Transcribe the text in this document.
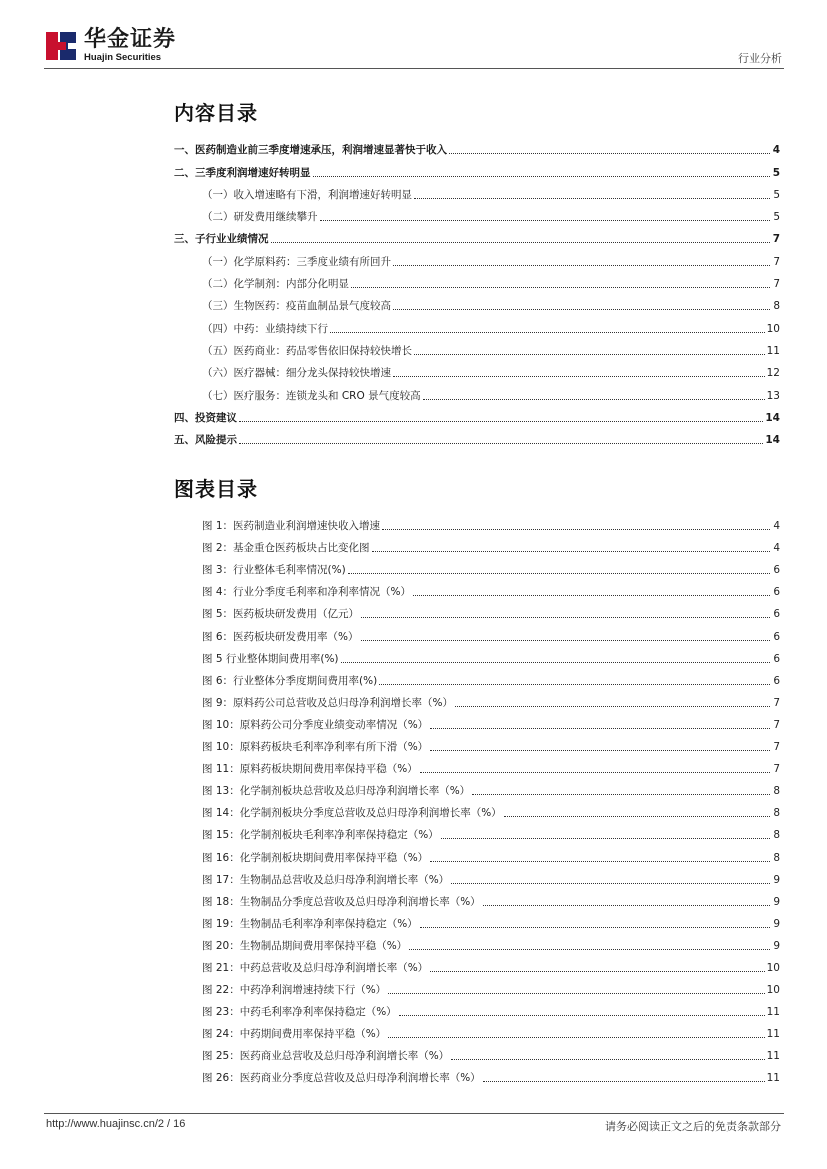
华金证券
Huajin Securities	行业分析
内容目录
一、医药制造业前三季度增速承压，利润增速显著快于收入	4
二、三季度利润增速好转明显	5
（一）收入增速略有下滑，利润增速好转明显	5
（二）研发费用继续攀升	5
三、子行业业绩情况	7
（一）化学原料药：三季度业绩有所回升	7
（二）化学制剂：内部分化明显	7
（三）生物医药：疫苗血制品景气度较高	8
（四）中药：业绩持续下行	10
（五）医药商业：药品零售依旧保持较快增长	11
（六）医疗器械：细分龙头保持较快增速	12
（七）医疗服务：连锁龙头和 CRO 景气度较高	13
四、投资建议	14
五、风险提示	14
图表目录
图 1：医药制造业利润增速快收入增速	4
图 2：基金重仓医药板块占比变化图	4
图 3：行业整体毛利率情况(%)	6
图 4：行业分季度毛利率和净利率情况（%）	6
图 5：医药板块研发费用（亿元）	6
图 6：医药板块研发费用率（%）	6
图 5 行业整体期间费用率(%)	6
图 6：行业整体分季度期间费用率(%)	6
图 9：原料药公司总营收及总归母净利润增长率（%）	7
图 10：原料药公司分季度业绩变动率情况（%）	7
图 10：原料药板块毛利率净利率有所下滑（%）	7
图 11：原料药板块期间费用率保持平稳（%）	7
图 13：化学制剂板块总营收及总归母净利润增长率（%）	8
图 14：化学制剂板块分季度总营收及总归母净利润增长率（%）	8
图 15：化学制剂板块毛利率净利率保持稳定（%）	8
图 16：化学制剂板块期间费用率保持平稳（%）	8
图 17：生物制品总营收及总归母净利润增长率（%）	9
图 18：生物制品分季度总营收及总归母净利润增长率（%）	9
图 19：生物制品毛利率净利率保持稳定（%）	9
图 20：生物制品期间费用率保持平稳（%）	9
图 21：中药总营收及总归母净利润增长率（%）	10
图 22：中药净利润增速持续下行（%）	10
图 23：中药毛利率净利率保持稳定（%）	11
图 24：中药期间费用率保持平稳（%）	11
图 25：医药商业总营收及总归母净利润增长率（%）	11
图 26：医药商业分季度总营收及总归母净利润增长率（%）	11
http://www.huajinsc.cn/2 / 16	请务必阅读正文之后的免责条款部分
